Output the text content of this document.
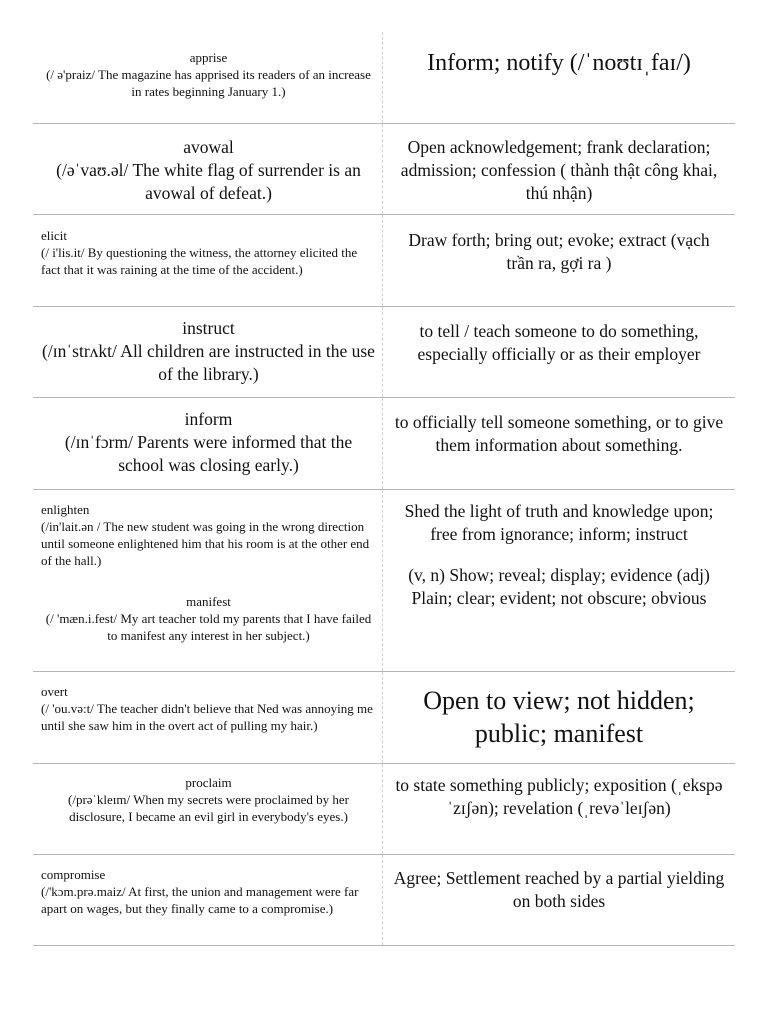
apprise
(/ ə'praiz/ The magazine has apprised its readers of an increase in rates beginning January 1.)
Inform; notify (/ˈnoʊtɪˌfaɪ/)
avowal
(/əˈvaʊ.əl/ The white flag of surrender is an avowal of defeat.)
Open acknowledgement; frank declaration; admission; confession ( thành thật công khai, thú nhận)
elicit
(/ i'lis.it/ By questioning the witness, the attorney elicited the fact that it was raining at the time of the accident.)
Draw forth; bring out; evoke; extract (vạch trần ra, gợi ra )
instruct
(/ɪnˈstrʌkt/ All children are instructed in the use of the library.)
to tell / teach someone to do something, especially officially or as their employer
inform
(/ɪnˈfɔrm/ Parents were informed that the school was closing early.)
to officially tell someone something, or to give them information about something.
enlighten
(/in'lait.ən / The new student was going in the wrong direction until someone enlightened him that his room is at the other end of the hall.)
manifest
(/ 'mæn.i.fest/ My art teacher told my parents that I have failed to manifest any interest in her subject.)
Shed the light of truth and knowledge upon; free from ignorance; inform; instruct
(v, n) Show; reveal; display; evidence (adj) Plain; clear; evident; not obscure; obvious
overt
(/ 'ou.və:t/ The teacher didn't believe that Ned was annoying me until she saw him in the overt act of pulling my hair.)
Open to view; not hidden; public; manifest
proclaim
(/prəˈkleɪm/ When my secrets were proclaimed by her disclosure, I became an evil girl in everybody's eyes.)
to state something publicly; exposition (ˌekspəˈzɪʃən); revelation (ˌrevəˈleɪʃən)
compromise
(/'kɔm.prə.maiz/ At first, the union and management were far apart on wages, but they finally came to a compromise.)
Agree; Settlement reached by a partial yielding on both sides
